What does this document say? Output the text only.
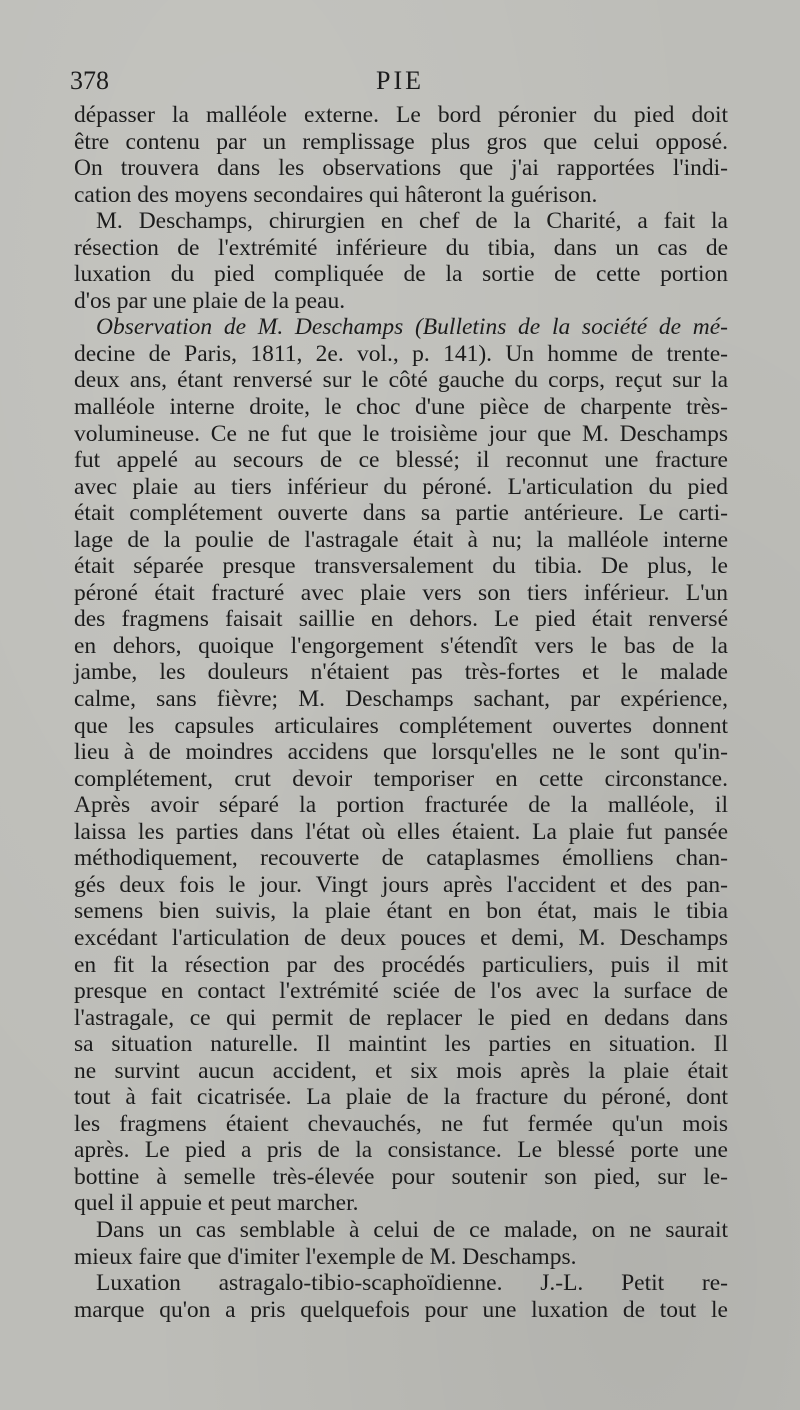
378	PIE
dépasser la malléole externe. Le bord péronier du pied doit
être contenu par un remplissage plus gros que celui opposé.
On trouvera dans les observations que j'ai rapportées l'indi-
cation des moyens secondaires qui hâteront la guérison.
M. Deschamps, chirurgien en chef de la Charité, a fait la
résection de l'extrémité inférieure du tibia, dans un cas de
luxation du pied compliquée de la sortie de cette portion
d'os par une plaie de la peau.
Observation de M. Deschamps (Bulletins de la société de mé-
decine de Paris, 1811, 2e. vol., p. 141). Un homme de trente-
deux ans, étant renversé sur le côté gauche du corps, reçut sur la
malléole interne droite, le choc d'une pièce de charpente très-
volumineuse. Ce ne fut que le troisième jour que M. Deschamps
fut appelé au secours de ce blessé; il reconnut une fracture
avec plaie au tiers inférieur du péroné. L'articulation du pied
était complétement ouverte dans sa partie antérieure. Le carti-
lage de la poulie de l'astragale était à nu; la malléole interne
était séparée presque transversalement du tibia. De plus, le
péroné était fracturé avec plaie vers son tiers inférieur. L'un
des fragmens faisait saillie en dehors. Le pied était renversé
en dehors, quoique l'engorgement s'étendît vers le bas de la
jambe, les douleurs n'étaient pas très-fortes et le malade
calme, sans fièvre; M. Deschamps sachant, par expérience,
que les capsules articulaires complétement ouvertes donnent
lieu à de moindres accidens que lorsqu'elles ne le sont qu'in-
complétement, crut devoir temporiser en cette circonstance.
Après avoir séparé la portion fracturée de la malléole, il
laissa les parties dans l'état où elles étaient. La plaie fut pansée
méthodiquement, recouverte de cataplasmes émolliens chan-
gés deux fois le jour. Vingt jours après l'accident et des pan-
semens bien suivis, la plaie étant en bon état, mais le tibia
excédant l'articulation de deux pouces et demi, M. Deschamps
en fit la résection par des procédés particuliers, puis il mit
presque en contact l'extrémité sciée de l'os avec la surface de
l'astragale, ce qui permit de replacer le pied en dedans dans
sa situation naturelle. Il maintint les parties en situation. Il
ne survint aucun accident, et six mois après la plaie était
tout à fait cicatrisée. La plaie de la fracture du péroné, dont
les fragmens étaient chevauchés, ne fut fermée qu'un mois
après. Le pied a pris de la consistance. Le blessé porte une
bottine à semelle très-élevée pour soutenir son pied, sur le-
quel il appuie et peut marcher.
Dans un cas semblable à celui de ce malade, on ne saurait
mieux faire que d'imiter l'exemple de M. Deschamps.
Luxation astragalo-tibio-scaphoïdienne. J.-L. Petit re-
marque qu'on a pris quelquefois pour une luxation de tout le
